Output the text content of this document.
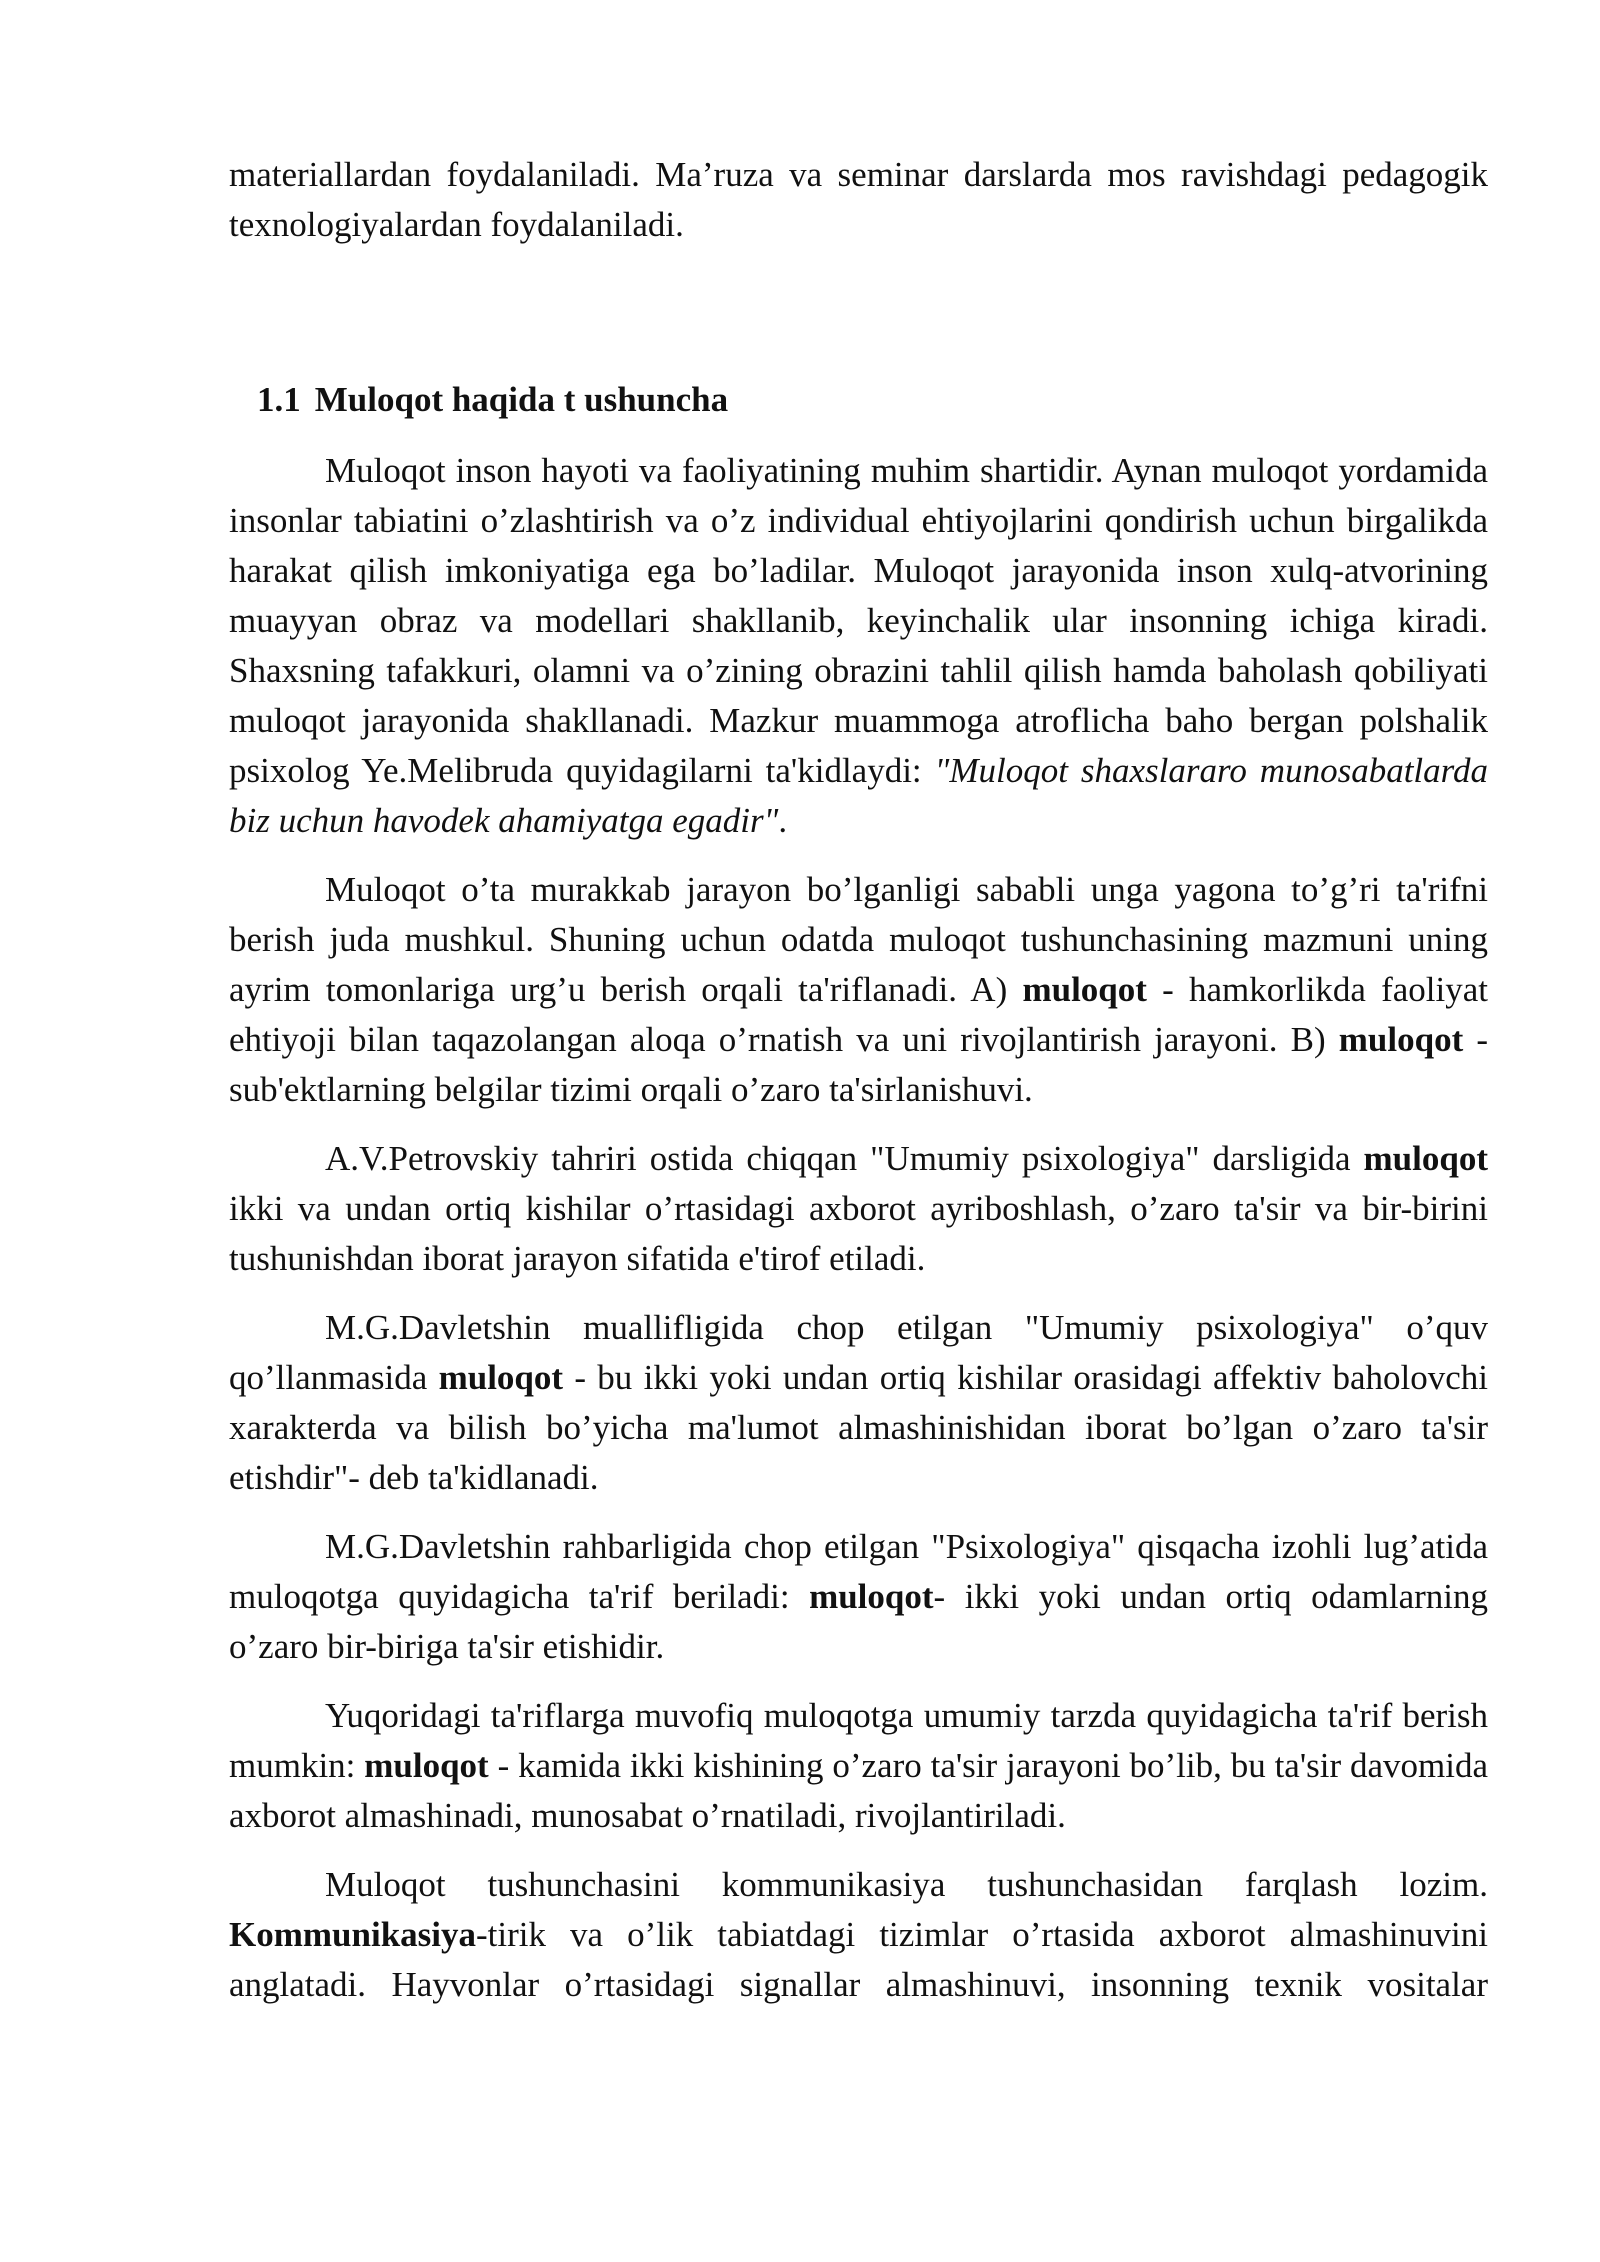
materiallardan foydalaniladi. Ma’ruza va seminar darslarda mos ravishdagi pedagogik texnologiyalardan foydalaniladi.

1.1 Muloqot haqida t ushuncha

Muloqot inson hayoti va faoliyatining muhim shartidir. Aynan muloqot yordamida insonlar tabiatini o’zlashtirish va o’z individual ehtiyojlarini qondirish uchun birgalikda harakat qilish imkoniyatiga ega bo’ladilar. Muloqot jarayonida inson xulq-atvorining muayyan obraz va modellari shakllanib, keyinchalik ular insonning ichiga kiradi. Shaxsning tafakkuri, olamni va o’zining obrazini tahlil qilish hamda baholash qobiliyati muloqot jarayonida shakllanadi. Mazkur muammoga atroflicha baho bergan polshalik psixolog Ye.Melibruda quyidagilarni ta'kidlaydi: "Muloqot shaxslararo munosabatlarda biz uchun havodek ahamiyatga egadir".

Muloqot o’ta murakkab jarayon bo’lganligi sababli unga yagona to’g’ri ta'rifni berish juda mushkul. Shuning uchun odatda muloqot tushunchasining mazmuni uning ayrim tomonlariga urg’u berish orqali ta'riflanadi. A) muloqot - hamkorlikda faoliyat ehtiyoji bilan taqazolangan aloqa o’rnatish va uni rivojlantirish jarayoni. B) muloqot - sub'ektlarning belgilar tizimi orqali o’zaro ta'sirlanishuvi.

A.V.Petrovskiy tahriri ostida chiqqan "Umumiy psixologiya" darsligida muloqot ikki va undan ortiq kishilar o’rtasidagi axborot ayriboshlash, o’zaro ta'sir va bir-birini tushunishdan iborat jarayon sifatida e'tirof etiladi.

M.G.Davletshin muallifligida chop etilgan "Umumiy psixologiya" o’quv qo’llanmasida muloqot - bu ikki yoki undan ortiq kishilar orasidagi affektiv baholovchi xarakterda va bilish bo’yicha ma'lumot almashinishidan iborat bo’lgan o’zaro ta'sir etishdir"- deb ta'kidlanadi.

M.G.Davletshin rahbarligida chop etilgan "Psixologiya" qisqacha izohli lug’atida muloqotga quyidagicha ta'rif beriladi: muloqot- ikki yoki undan ortiq odamlarning o’zaro bir-biriga ta'sir etishidir.

Yuqoridagi ta'riflarga muvofiq muloqotga umumiy tarzda quyidagicha ta'rif berish mumkin: muloqot - kamida ikki kishining o’zaro ta'sir jarayoni bo’lib, bu ta'sir davomida axborot almashinadi, munosabat o’rnatiladi, rivojlantiriladi.

Muloqot tushunchasini kommunikasiya tushunchasidan farqlash lozim. Kommunikasiya-tirik va o’lik tabiatdagi tizimlar o’rtasida axborot almashinuvini anglatadi. Hayvonlar o’rtasidagi signallar almashinuvi, insonning texnik vositalar
